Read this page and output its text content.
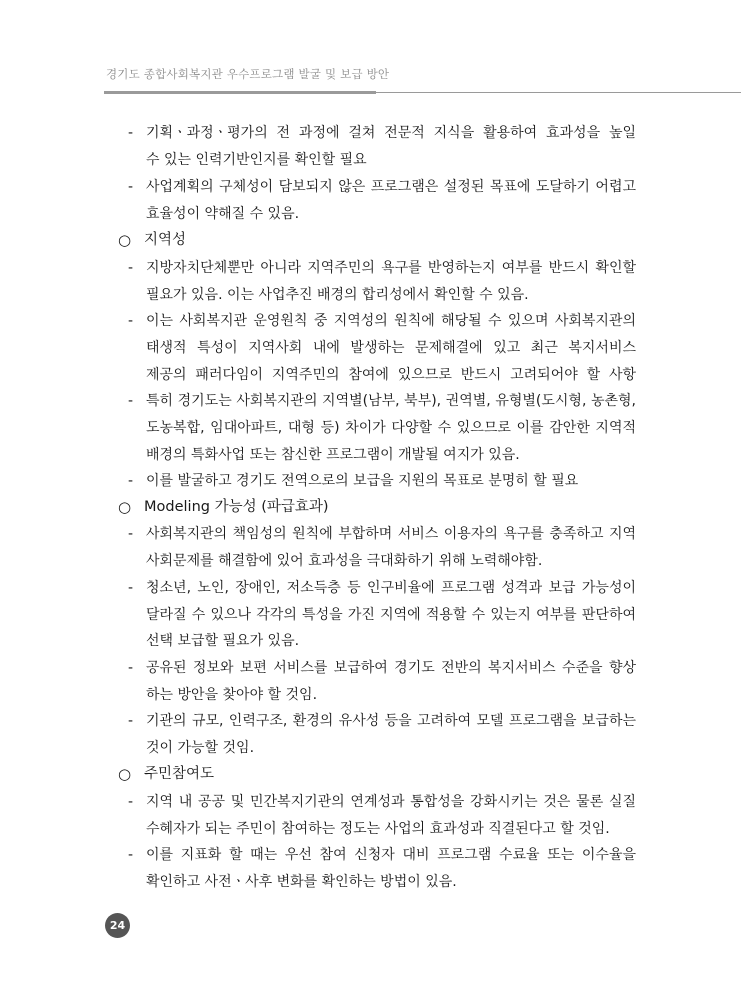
경기도 종합사회복지관 우수프로그램 발굴 및 보급 방안
- 기획ㆍ과정ㆍ평가의 전 과정에 걸쳐 전문적 지식을 활용하여 효과성을 높일
수 있는 인력기반인지를 확인할 필요
- 사업계획의 구체성이 담보되지 않은 프로그램은 설정된 목표에 도달하기 어렵고
효율성이 약해질 수 있음.
○ 지역성
- 지방자치단체뿐만 아니라 지역주민의 욕구를 반영하는지 여부를 반드시 확인할
필요가 있음. 이는 사업추진 배경의 합리성에서 확인할 수 있음.
- 이는 사회복지관 운영원칙 중 지역성의 원칙에 해당될 수 있으며 사회복지관의
태생적 특성이 지역사회 내에 발생하는 문제해결에 있고 최근 복지서비스
제공의 패러다임이 지역주민의 참여에 있으므로 반드시 고려되어야 할 사항
- 특히 경기도는 사회복지관의 지역별(남부, 북부), 권역별, 유형별(도시형, 농촌형,
도농복합, 임대아파트, 대형 등) 차이가 다양할 수 있으므로 이를 감안한 지역적
배경의 특화사업 또는 참신한 프로그램이 개발될 여지가 있음.
- 이를 발굴하고 경기도 전역으로의 보급을 지원의 목표로 분명히 할 필요
○ Modeling 가능성 (파급효과)
- 사회복지관의 책임성의 원칙에 부합하며 서비스 이용자의 욕구를 충족하고 지역
사회문제를 해결함에 있어 효과성을 극대화하기 위해 노력해야함.
- 청소년, 노인, 장애인, 저소득층 등 인구비율에 프로그램 성격과 보급 가능성이
달라질 수 있으나 각각의 특성을 가진 지역에 적용할 수 있는지 여부를 판단하여
선택 보급할 필요가 있음.
- 공유된 정보와 보편 서비스를 보급하여 경기도 전반의 복지서비스 수준을 향상
하는 방안을 찾아야 할 것임.
- 기관의 규모, 인력구조, 환경의 유사성 등을 고려하여 모델 프로그램을 보급하는
것이 가능할 것임.
○ 주민참여도
- 지역 내 공공 및 민간복지기관의 연계성과 통합성을 강화시키는 것은 물론 실질
수혜자가 되는 주민이 참여하는 정도는 사업의 효과성과 직결된다고 할 것임.
- 이를 지표화 할 때는 우선 참여 신청자 대비 프로그램 수료율 또는 이수율을
확인하고 사전ㆍ사후 변화를 확인하는 방법이 있음.
24
